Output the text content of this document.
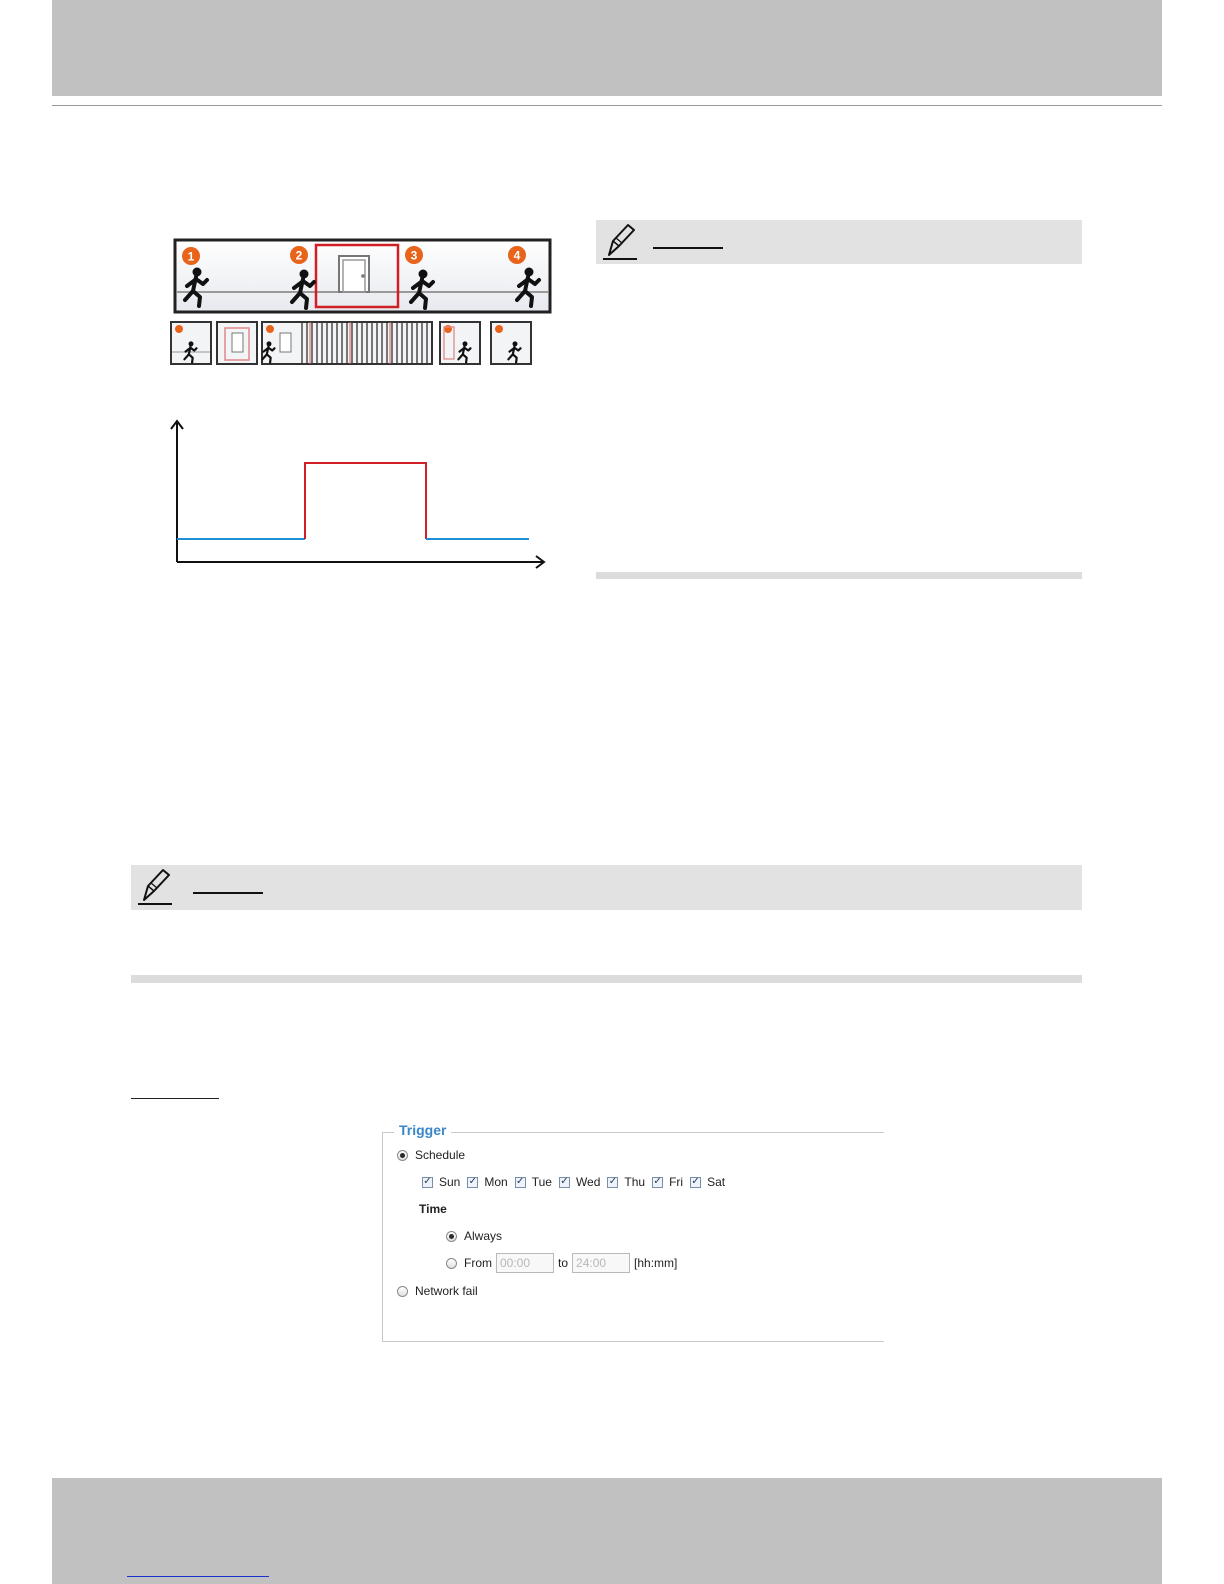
1	2	3	4
Trigger
Schedule
✓ Sun ✓ Mon ✓ Tue ✓ Wed ✓ Thu ✓ Fri ✓ Sat
Time
Always
From
00:00	to
24:00	[hh:mm]
Network fail
